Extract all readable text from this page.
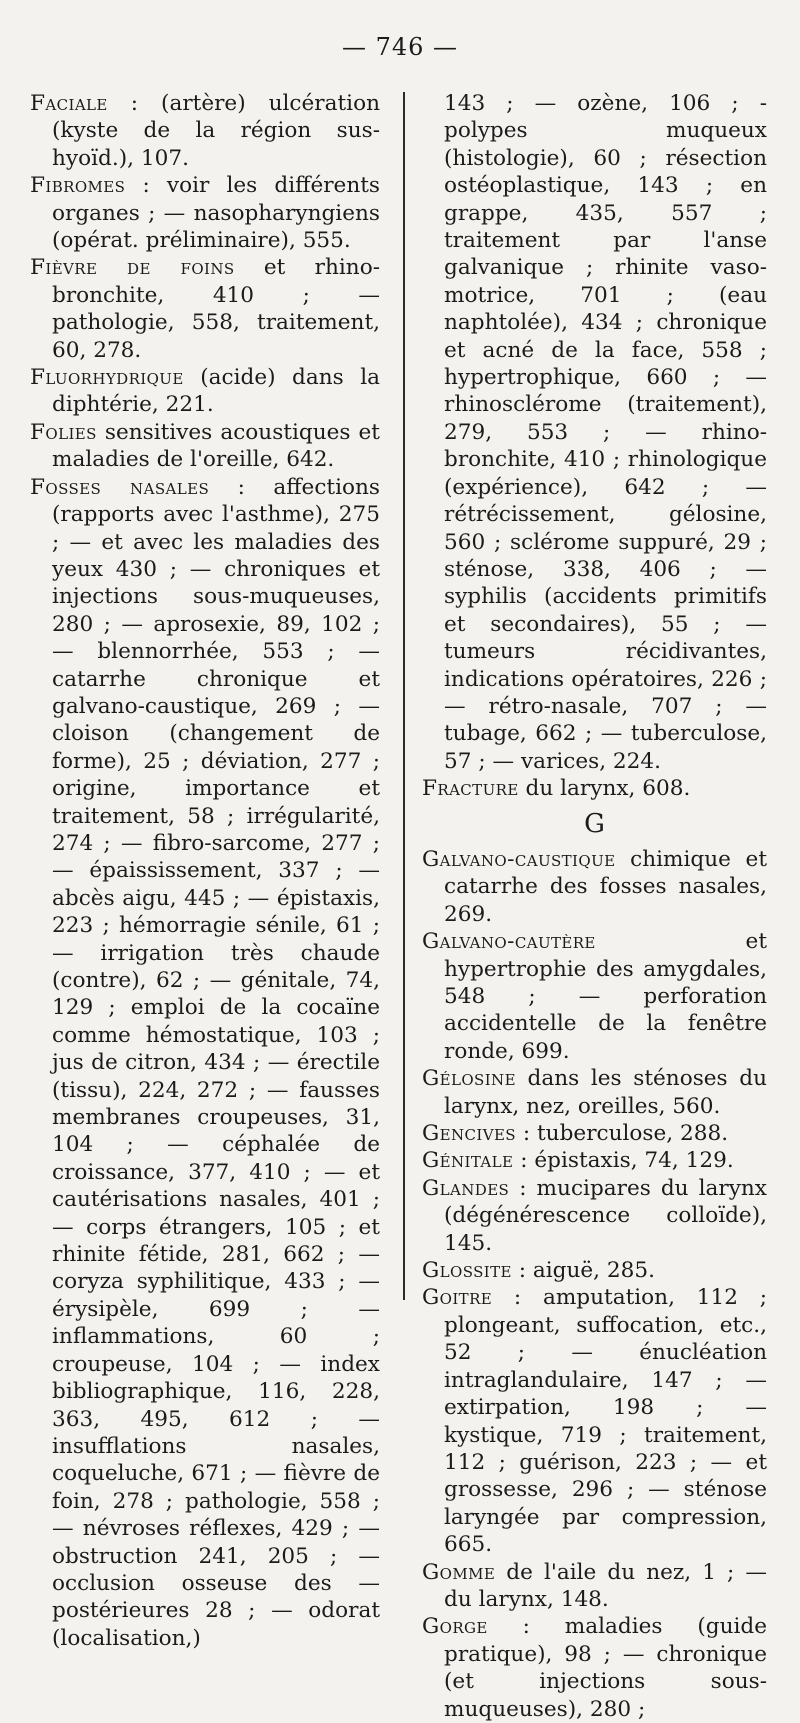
— 746 —

Faciale : (artère) ulcération (kyste de la région sus-hyoïd.), 107.

Fibromes : voir les différents organes ; — nasopharyngiens (opérat. préliminaire), 555.

Fièvre de foins et rhino-bronchite, 410 ; — pathologie, 558, traitement, 60, 278.

Fluorhydrique (acide) dans la diphtérie, 221.

Folies sensitives acoustiques et maladies de l'oreille, 642.

Fosses nasales : affections (rapports avec l'asthme), 275 ; — et avec les maladies des yeux 430 ; — chroniques et injections sous-muqueuses, 280 ; — aprosexie, 89, 102 ; — blennorrhée, 553 ; — catarrhe chronique et galvano-caustique, 269 ; — cloison (changement de forme), 25 ; déviation, 277 ; origine, importance et traitement, 58 ; irrégularité, 274 ; — fibro-sarcome, 277 ; — épaississement, 337 ; — abcès aigu, 445 ; — épistaxis, 223 ; hémorragie sénile, 61 ; — irrigation très chaude (contre), 62 ; — génitale, 74, 129 ; emploi de la cocaïne comme hémostatique, 103 ; jus de citron, 434 ; — érectile (tissu), 224, 272 ; — fausses membranes croupeuses, 31, 104 ; — céphalée de croissance, 377, 410 ; — et cautérisations nasales, 401 ; — corps étrangers, 105 ; et rhinite fétide, 281, 662 ; — coryza syphilitique, 433 ; — érysipèle, 699 ; — inflammations, 60 ; croupeuse, 104 ; — index bibliographique, 116, 228, 363, 495, 612 ; — insufflations nasales, coqueluche, 671 ; — fièvre de foin, 278 ; pathologie, 558 ; — névroses réflexes, 429 ; — obstruction 241, 205 ; — occlusion osseuse des — postérieures 28 ; — odorat (localisation,)

143 ; — ozène, 106 ; - polypes muqueux (histologie), 60 ; résection ostéoplastique, 143 ; en grappe, 435, 557 ; traitement par l'anse galvanique ; rhinite vaso-motrice, 701 ; (eau naphtolée), 434 ; chronique et acné de la face, 558 ; hypertrophique, 660 ; — rhinosclérome (traitement), 279, 553 ; — rhino-bronchite, 410 ; rhinologique (expérience), 642 ; — rétrécissement, gélosine, 560 ; sclérome suppuré, 29 ; sténose, 338, 406 ; — syphilis (accidents primitifs et secondaires), 55 ; — tumeurs récidivantes, indications opératoires, 226 ; — rétro-nasale, 707 ; — tubage, 662 ; — tuberculose, 57 ; — varices, 224.

Fracture du larynx, 608.

G

Galvano-caustique chimique et catarrhe des fosses nasales, 269.

Galvano-cautère et hypertrophie des amygdales, 548 ; — perforation accidentelle de la fenêtre ronde, 699.

Gélosine dans les sténoses du larynx, nez, oreilles, 560.

Gencives : tuberculose, 288.

Génitale : épistaxis, 74, 129.

Glandes : mucipares du larynx (dégénérescence colloïde), 145.

Glossite : aiguë, 285.

Goitre : amputation, 112 ; plongeant, suffocation, etc., 52 ; — énucléation intraglandulaire, 147 ; — extirpation, 198 ; — kystique, 719 ; traitement, 112 ; guérison, 223 ; — et grossesse, 296 ; — sténose laryngée par compression, 665.

Gomme de l'aile du nez, 1 ; — du larynx, 148.

Gorge : maladies (guide pratique), 98 ; — chronique (et injections sous-muqueuses), 280 ;
